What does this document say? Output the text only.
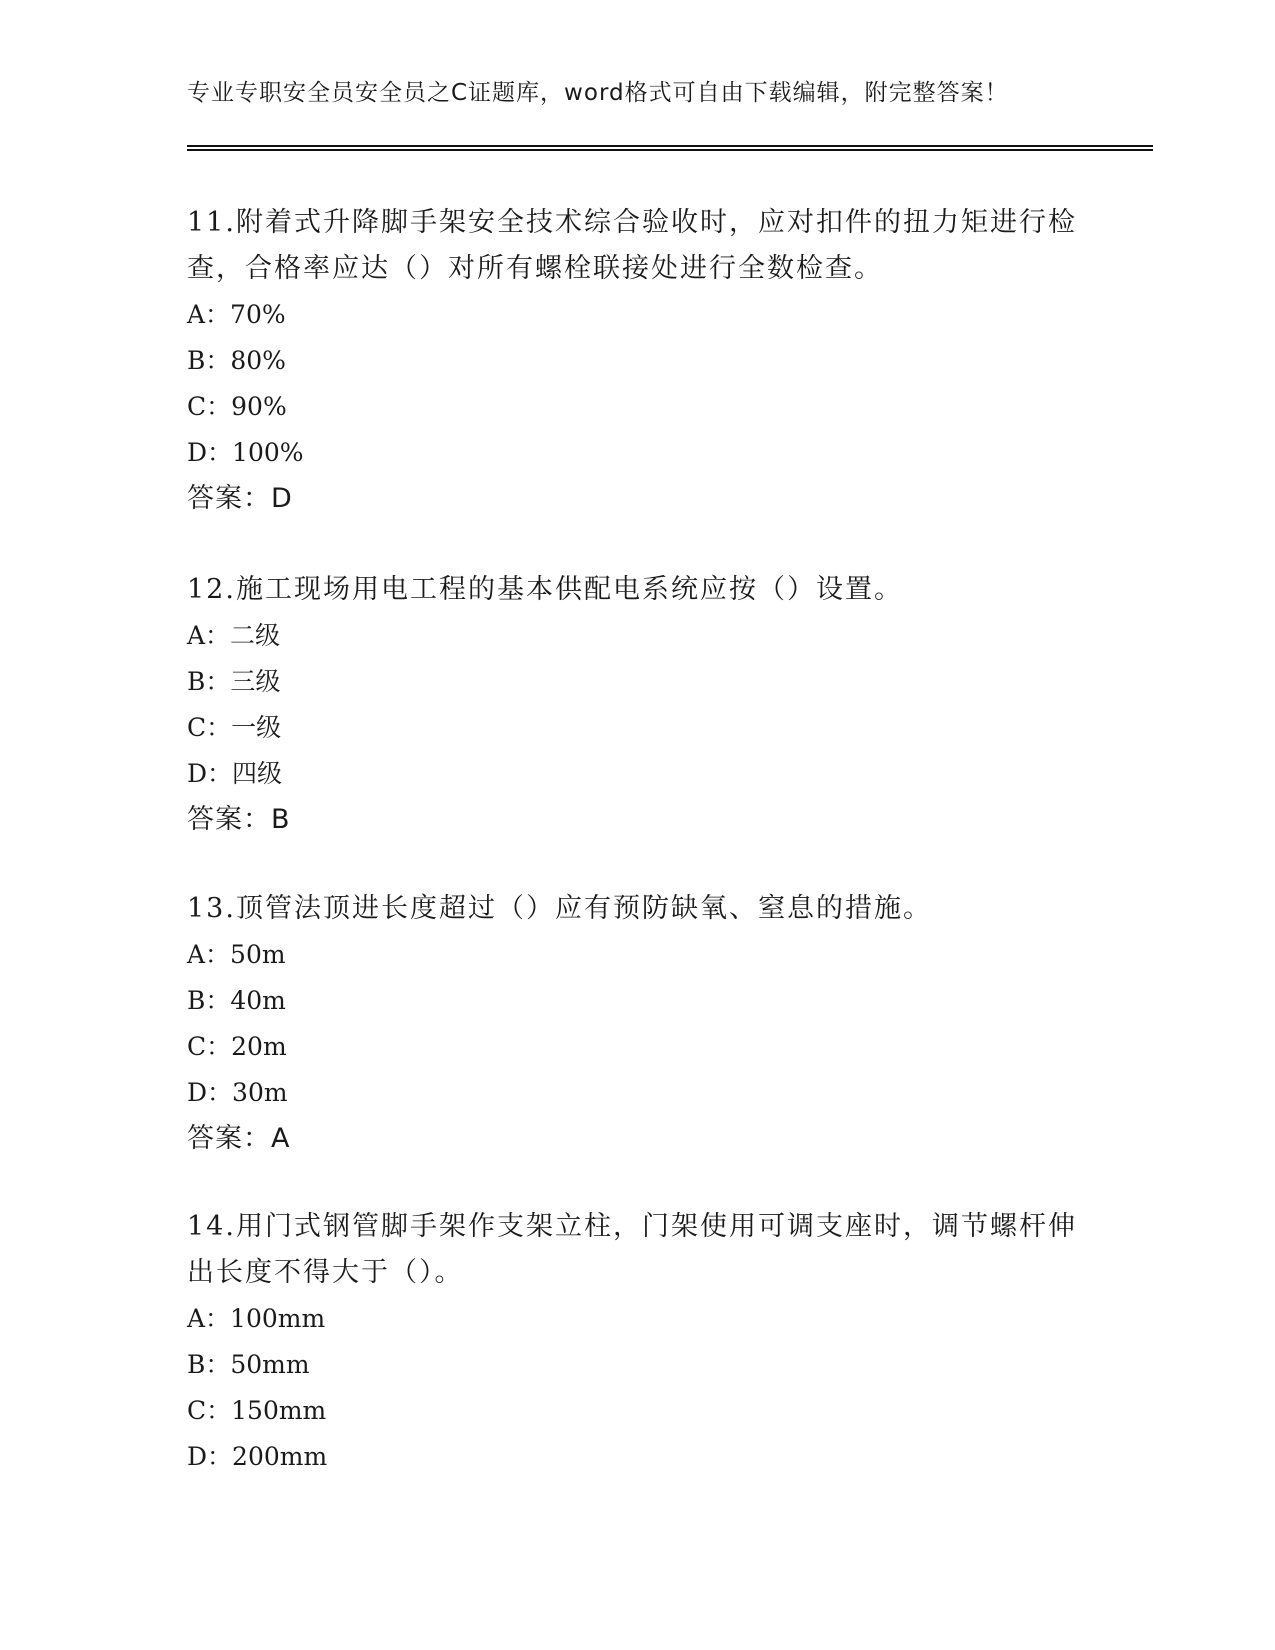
专业专职安全员安全员之C证题库，word格式可自由下载编辑，附完整答案！

11.附着式升降脚手架安全技术综合验收时，应对扣件的扭力矩进行检查，合格率应达（）对所有螺栓联接处进行全数检查。

A：70%

B：80%

C：90%

D：100%

答案：D

12.施工现场用电工程的基本供配电系统应按（）设置。

A：二级

B：三级

C：一级

D：四级

答案：B

13.顶管法顶进长度超过（）应有预防缺氧、窒息的措施。

A：50m

B：40m

C：20m

D：30m

答案：A

14.用门式钢管脚手架作支架立柱，门架使用可调支座时，调节螺杆伸出长度不得大于（）。

A：100mm

B：50mm

C：150mm

D：200mm
